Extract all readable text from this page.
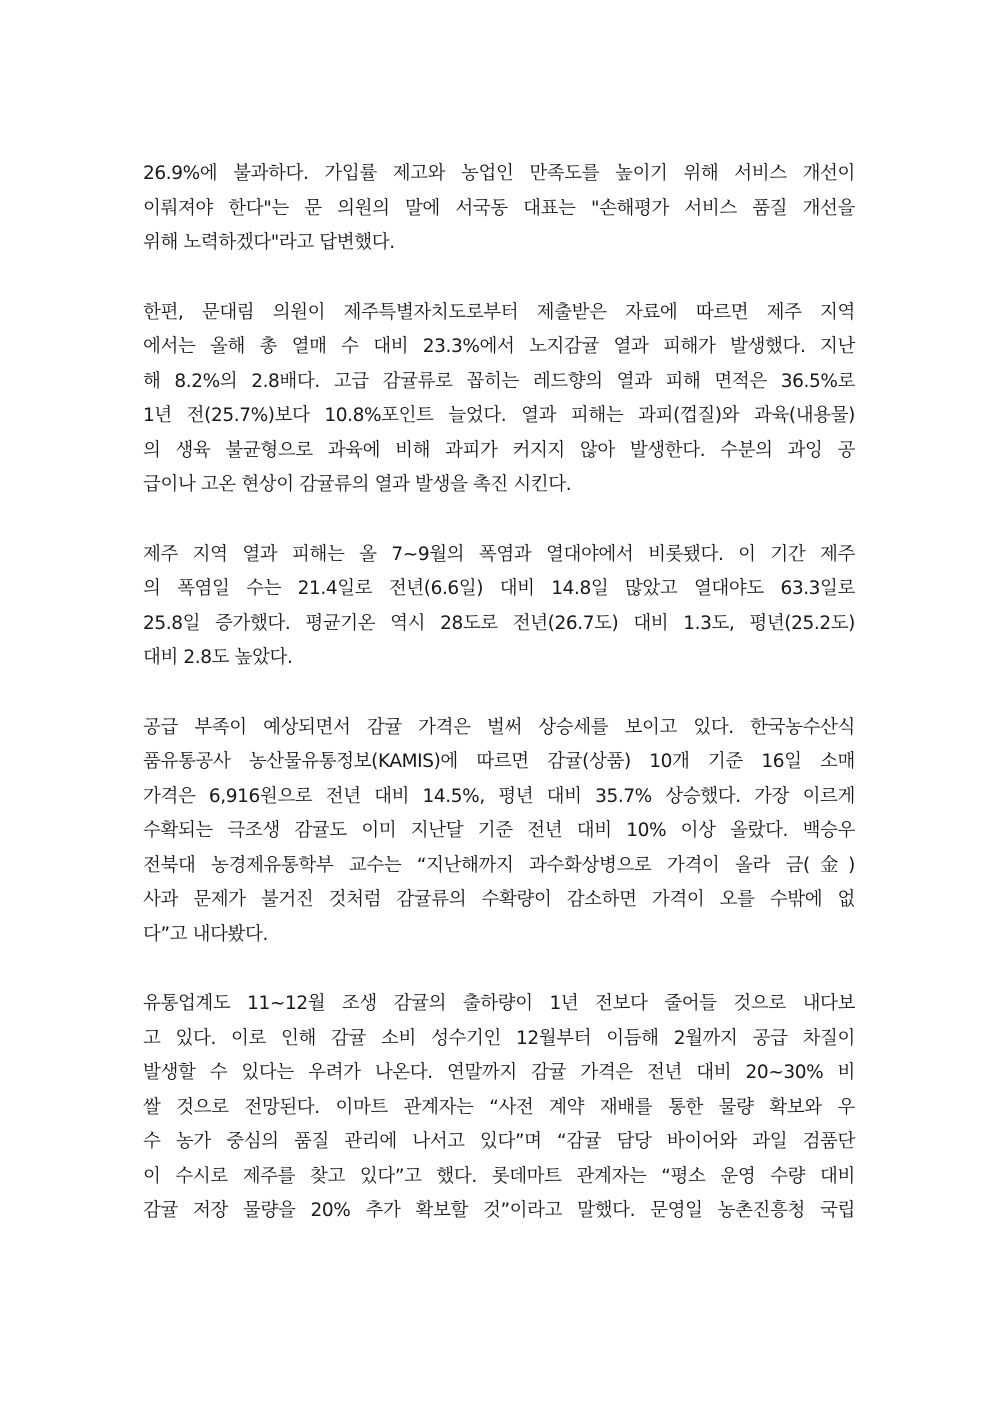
26.9%에 불과하다. 가입률 제고와 농업인 만족도를 높이기 위해 서비스 개선이
이뤄져야 한다"는 문 의원의 말에 서국동 대표는 "손해평가 서비스 품질 개선을
위해 노력하겠다"라고 답변했다.
한편, 문대림 의원이 제주특별자치도로부터 제출받은 자료에 따르면 제주 지역
에서는 올해 총 열매 수 대비 23.3%에서 노지감귤 열과 피해가 발생했다. 지난
해 8.2%의 2.8배다. 고급 감귤류로 꼽히는 레드향의 열과 피해 면적은 36.5%로
1년 전(25.7%)보다 10.8%포인트 늘었다. 열과 피해는 과피(껍질)와 과육(내용물)
의 생육 불균형으로 과육에 비해 과피가 커지지 않아 발생한다. 수분의 과잉 공
급이나 고온 현상이 감귤류의 열과 발생을 촉진 시킨다.
제주 지역 열과 피해는 올 7~9월의 폭염과 열대야에서 비롯됐다. 이 기간 제주
의 폭염일 수는 21.4일로 전년(6.6일) 대비 14.8일 많았고 열대야도 63.3일로
25.8일 증가했다. 평균기온 역시 28도로 전년(26.7도) 대비 1.3도, 평년(25.2도)
대비 2.8도 높았다.
공급 부족이 예상되면서 감귤 가격은 벌써 상승세를 보이고 있다. 한국농수산식
품유통공사 농산물유통정보(KAMIS)에 따르면 감귤(상품) 10개 기준 16일 소매
가격은 6,916원으로 전년 대비 14.5%, 평년 대비 35.7% 상승했다. 가장 이르게
수확되는 극조생 감귤도 이미 지난달 기준 전년 대비 10% 이상 올랐다. 백승우
전북대 농경제유통학부 교수는 “지난해까지 과수화상병으로 가격이 올라 금(金)
사과 문제가 불거진 것처럼 감귤류의 수확량이 감소하면 가격이 오를 수밖에 없
다”고 내다봤다.
유통업계도 11~12월 조생 감귤의 출하량이 1년 전보다 줄어들 것으로 내다보
고 있다. 이로 인해 감귤 소비 성수기인 12월부터 이듬해 2월까지 공급 차질이
발생할 수 있다는 우려가 나온다. 연말까지 감귤 가격은 전년 대비 20~30% 비
쌀 것으로 전망된다. 이마트 관계자는 “사전 계약 재배를 통한 물량 확보와 우
수 농가 중심의 품질 관리에 나서고 있다”며 “감귤 담당 바이어와 과일 검품단
이 수시로 제주를 찾고 있다”고 했다. 롯데마트 관계자는 “평소 운영 수량 대비
감귤 저장 물량을 20% 추가 확보할 것”이라고 말했다. 문영일 농촌진흥청 국립
